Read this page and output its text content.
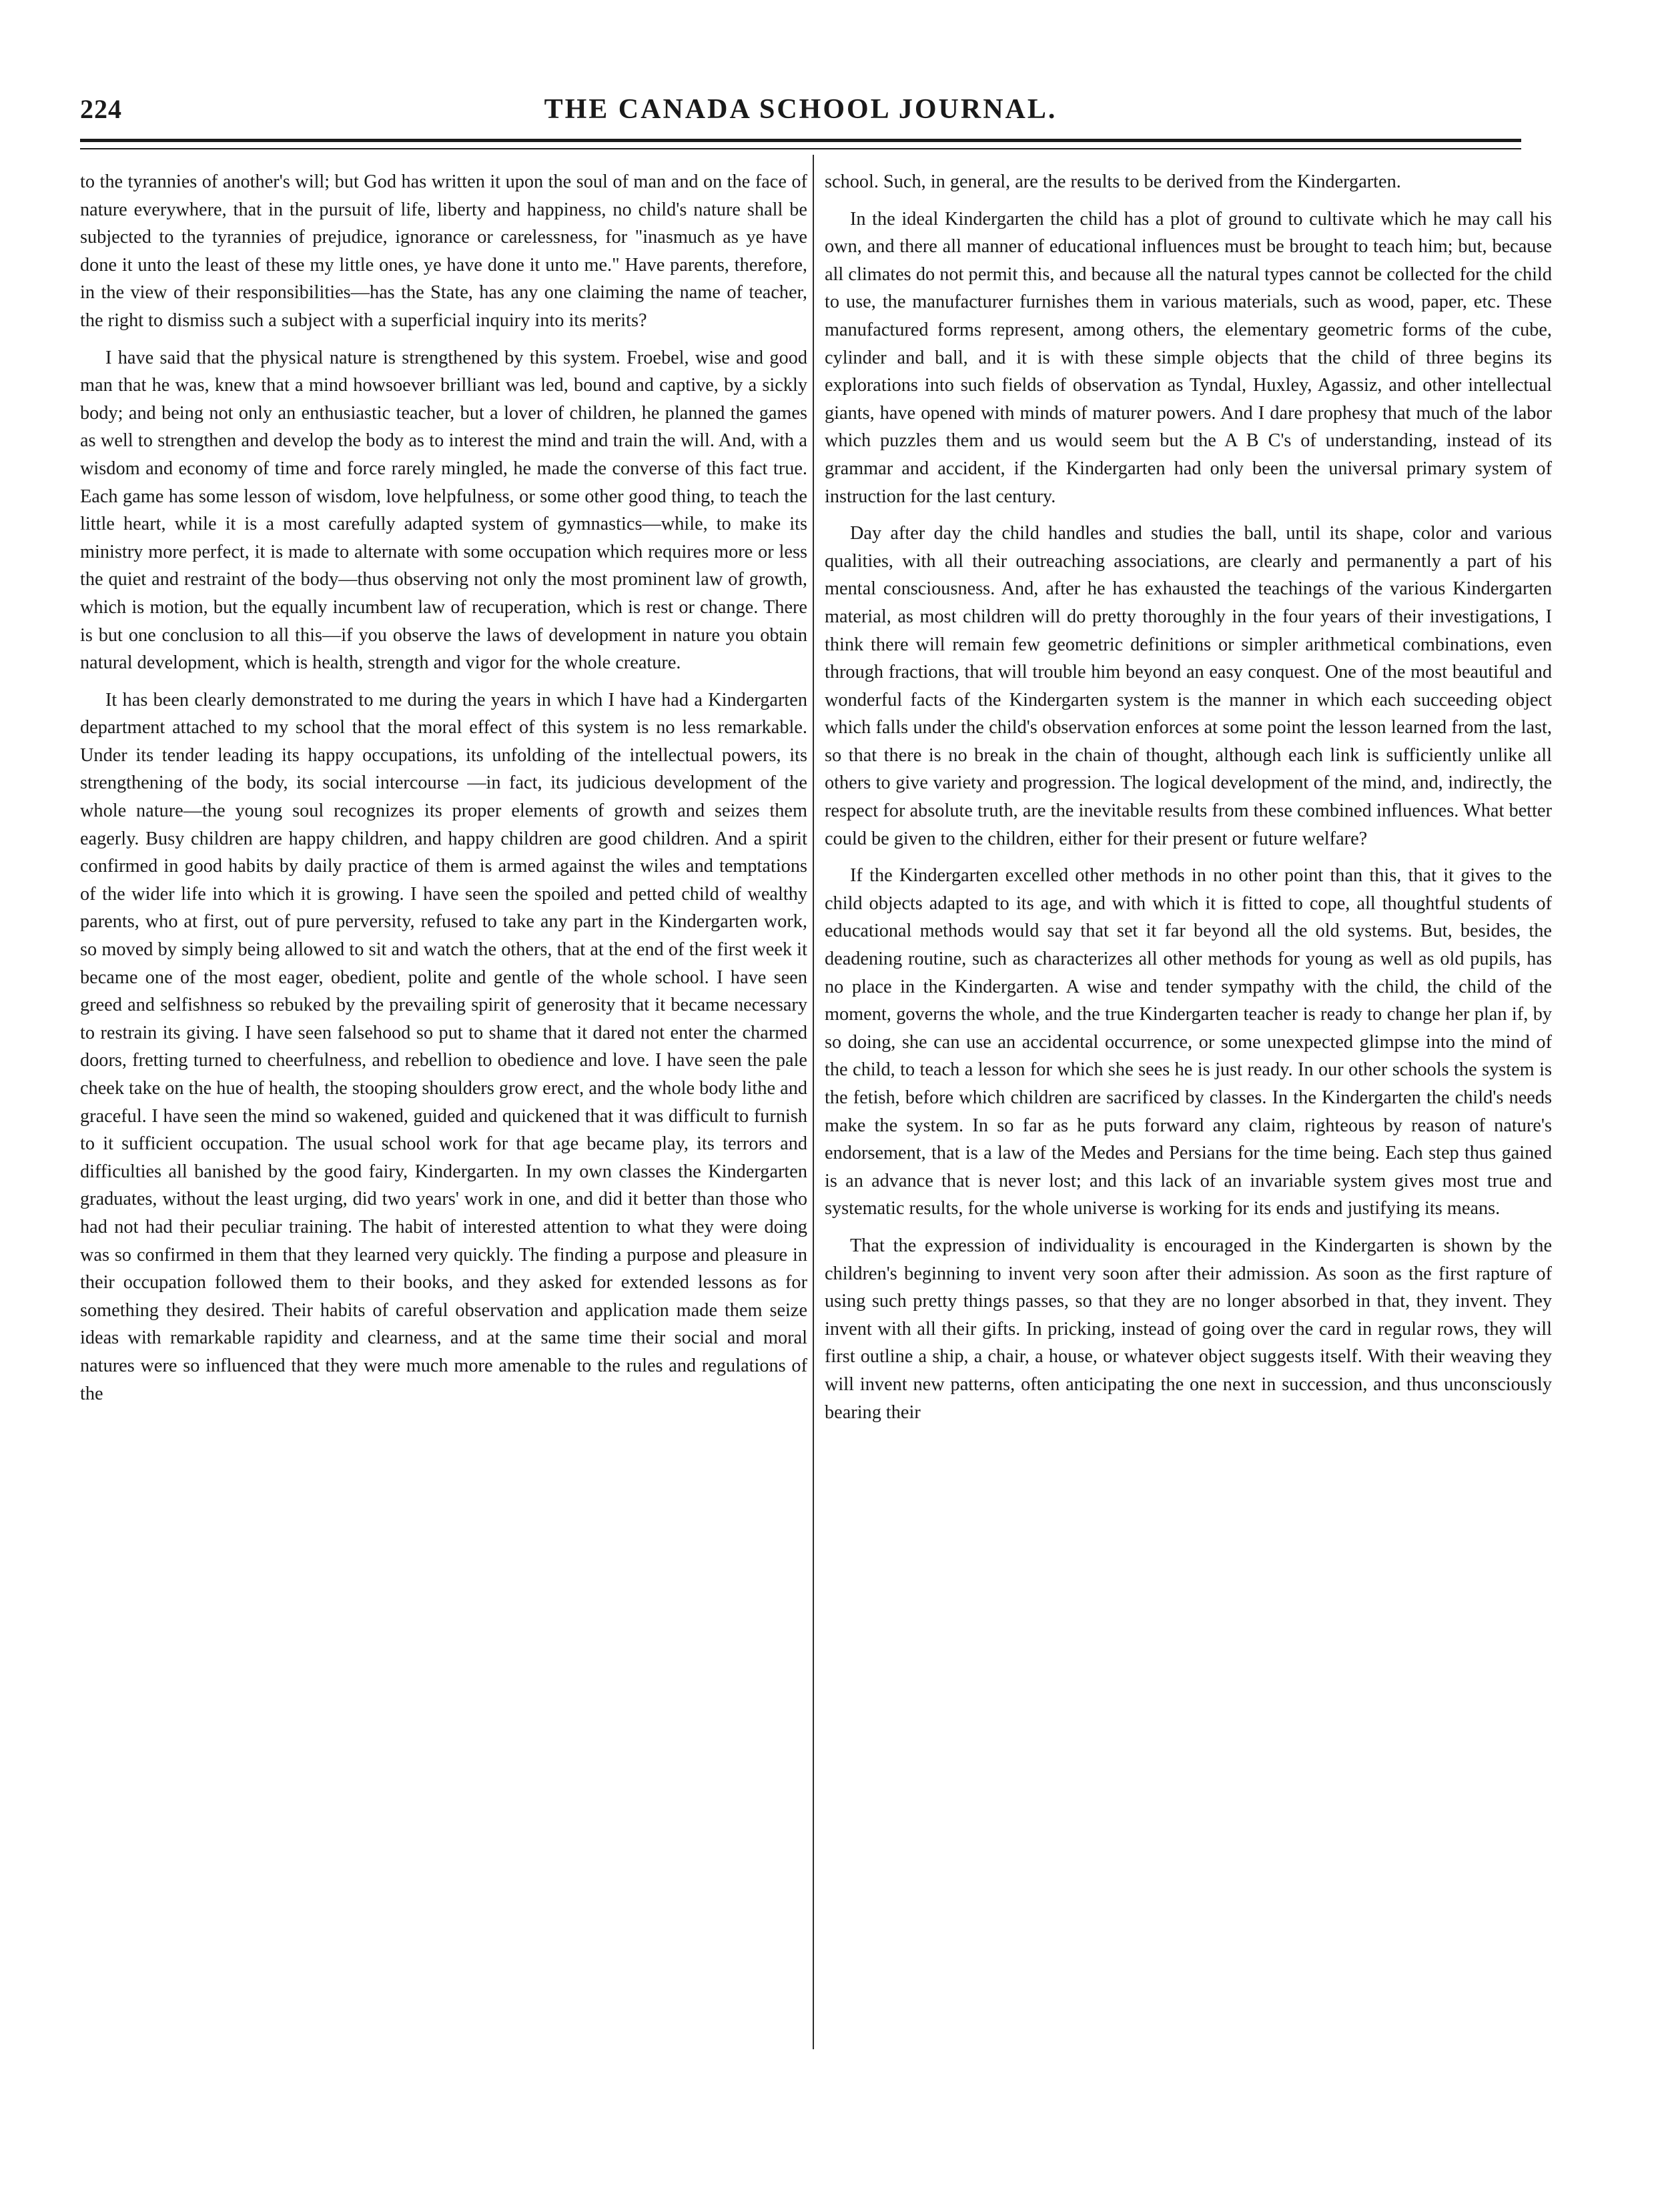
224	THE CANADA SCHOOL JOURNAL.

to the tyrannies of another's will; but God has written it upon the soul of man and on the face of nature everywhere, that in the pursuit of life, liberty and happiness, no child's nature shall be subjected to the tyrannies of prejudice, ignorance or carelessness, for "inasmuch as ye have done it unto the least of these my little ones, ye have done it unto me." Have parents, therefore, in the view of their responsibilities—has the State, has any one claiming the name of teacher, the right to dismiss such a subject with a superficial inquiry into its merits?

I have said that the physical nature is strengthened by this system. Froebel, wise and good man that he was, knew that a mind howsoever brilliant was led, bound and captive, by a sickly body; and being not only an enthusiastic teacher, but a lover of children, he planned the games as well to strengthen and develop the body as to interest the mind and train the will. And, with a wisdom and economy of time and force rarely mingled, he made the converse of this fact true. Each game has some lesson of wisdom, love helpfulness, or some other good thing, to teach the little heart, while it is a most carefully adapted system of gymnastics—while, to make its ministry more perfect, it is made to alternate with some occupation which requires more or less the quiet and restraint of the body—thus observing not only the most prominent law of growth, which is motion, but the equally incumbent law of recuperation, which is rest or change. There is but one conclusion to all this—if you observe the laws of development in nature you obtain natural development, which is health, strength and vigor for the whole creature.

It has been clearly demonstrated to me during the years in which I have had a Kindergarten department attached to my school that the moral effect of this system is no less remarkable. Under its tender leading its happy occupations, its unfolding of the intellectual powers, its strengthening of the body, its social intercourse —in fact, its judicious development of the whole nature—the young soul recognizes its proper elements of growth and seizes them eagerly. Busy children are happy children, and happy children are good children. And a spirit confirmed in good habits by daily practice of them is armed against the wiles and temptations of the wider life into which it is growing. I have seen the spoiled and petted child of wealthy parents, who at first, out of pure perversity, refused to take any part in the Kindergarten work, so moved by simply being allowed to sit and watch the others, that at the end of the first week it became one of the most eager, obedient, polite and gentle of the whole school. I have seen greed and selfishness so rebuked by the prevailing spirit of generosity that it became necessary to restrain its giving. I have seen falsehood so put to shame that it dared not enter the charmed doors, fretting turned to cheerfulness, and rebellion to obedience and love. I have seen the pale cheek take on the hue of health, the stooping shoulders grow erect, and the whole body lithe and graceful. I have seen the mind so wakened, guided and quickened that it was difficult to furnish to it sufficient occupation. The usual school work for that age became play, its terrors and difficulties all banished by the good fairy, Kindergarten. In my own classes the Kindergarten graduates, without the least urging, did two years' work in one, and did it better than those who had not had their peculiar training. The habit of interested attention to what they were doing was so confirmed in them that they learned very quickly. The finding a purpose and pleasure in their occupation followed them to their books, and they asked for extended lessons as for something they desired. Their habits of careful observation and application made them seize ideas with remarkable rapidity and clearness, and at the same time their social and moral natures were so influenced that they were much more amenable to the rules and regulations of the

school. Such, in general, are the results to be derived from the Kindergarten.

In the ideal Kindergarten the child has a plot of ground to cultivate which he may call his own, and there all manner of educational influences must be brought to teach him; but, because all climates do not permit this, and because all the natural types cannot be collected for the child to use, the manufacturer furnishes them in various materials, such as wood, paper, etc. These manufactured forms represent, among others, the elementary geometric forms of the cube, cylinder and ball, and it is with these simple objects that the child of three begins its explorations into such fields of observation as Tyndal, Huxley, Agassiz, and other intellectual giants, have opened with minds of maturer powers. And I dare prophesy that much of the labor which puzzles them and us would seem but the A B C's of understanding, instead of its grammar and accident, if the Kindergarten had only been the universal primary system of instruction for the last century.

Day after day the child handles and studies the ball, until its shape, color and various qualities, with all their outreaching associations, are clearly and permanently a part of his mental consciousness. And, after he has exhausted the teachings of the various Kindergarten material, as most children will do pretty thoroughly in the four years of their investigations, I think there will remain few geometric definitions or simpler arithmetical combinations, even through fractions, that will trouble him beyond an easy conquest. One of the most beautiful and wonderful facts of the Kindergarten system is the manner in which each succeeding object which falls under the child's observation enforces at some point the lesson learned from the last, so that there is no break in the chain of thought, although each link is sufficiently unlike all others to give variety and progression. The logical development of the mind, and, indirectly, the respect for absolute truth, are the inevitable results from these combined influences. What better could be given to the children, either for their present or future welfare?

If the Kindergarten excelled other methods in no other point than this, that it gives to the child objects adapted to its age, and with which it is fitted to cope, all thoughtful students of educational methods would say that set it far beyond all the old systems. But, besides, the deadening routine, such as characterizes all other methods for young as well as old pupils, has no place in the Kindergarten. A wise and tender sympathy with the child, the child of the moment, governs the whole, and the true Kindergarten teacher is ready to change her plan if, by so doing, she can use an accidental occurrence, or some unexpected glimpse into the mind of the child, to teach a lesson for which she sees he is just ready. In our other schools the system is the fetish, before which children are sacrificed by classes. In the Kindergarten the child's needs make the system. In so far as he puts forward any claim, righteous by reason of nature's endorsement, that is a law of the Medes and Persians for the time being. Each step thus gained is an advance that is never lost; and this lack of an invariable system gives most true and systematic results, for the whole universe is working for its ends and justifying its means.

That the expression of individuality is encouraged in the Kindergarten is shown by the children's beginning to invent very soon after their admission. As soon as the first rapture of using such pretty things passes, so that they are no longer absorbed in that, they invent. They invent with all their gifts. In pricking, instead of going over the card in regular rows, they will first outline a ship, a chair, a house, or whatever object suggests itself. With their weaving they will invent new patterns, often anticipating the one next in succession, and thus unconsciously bearing their
